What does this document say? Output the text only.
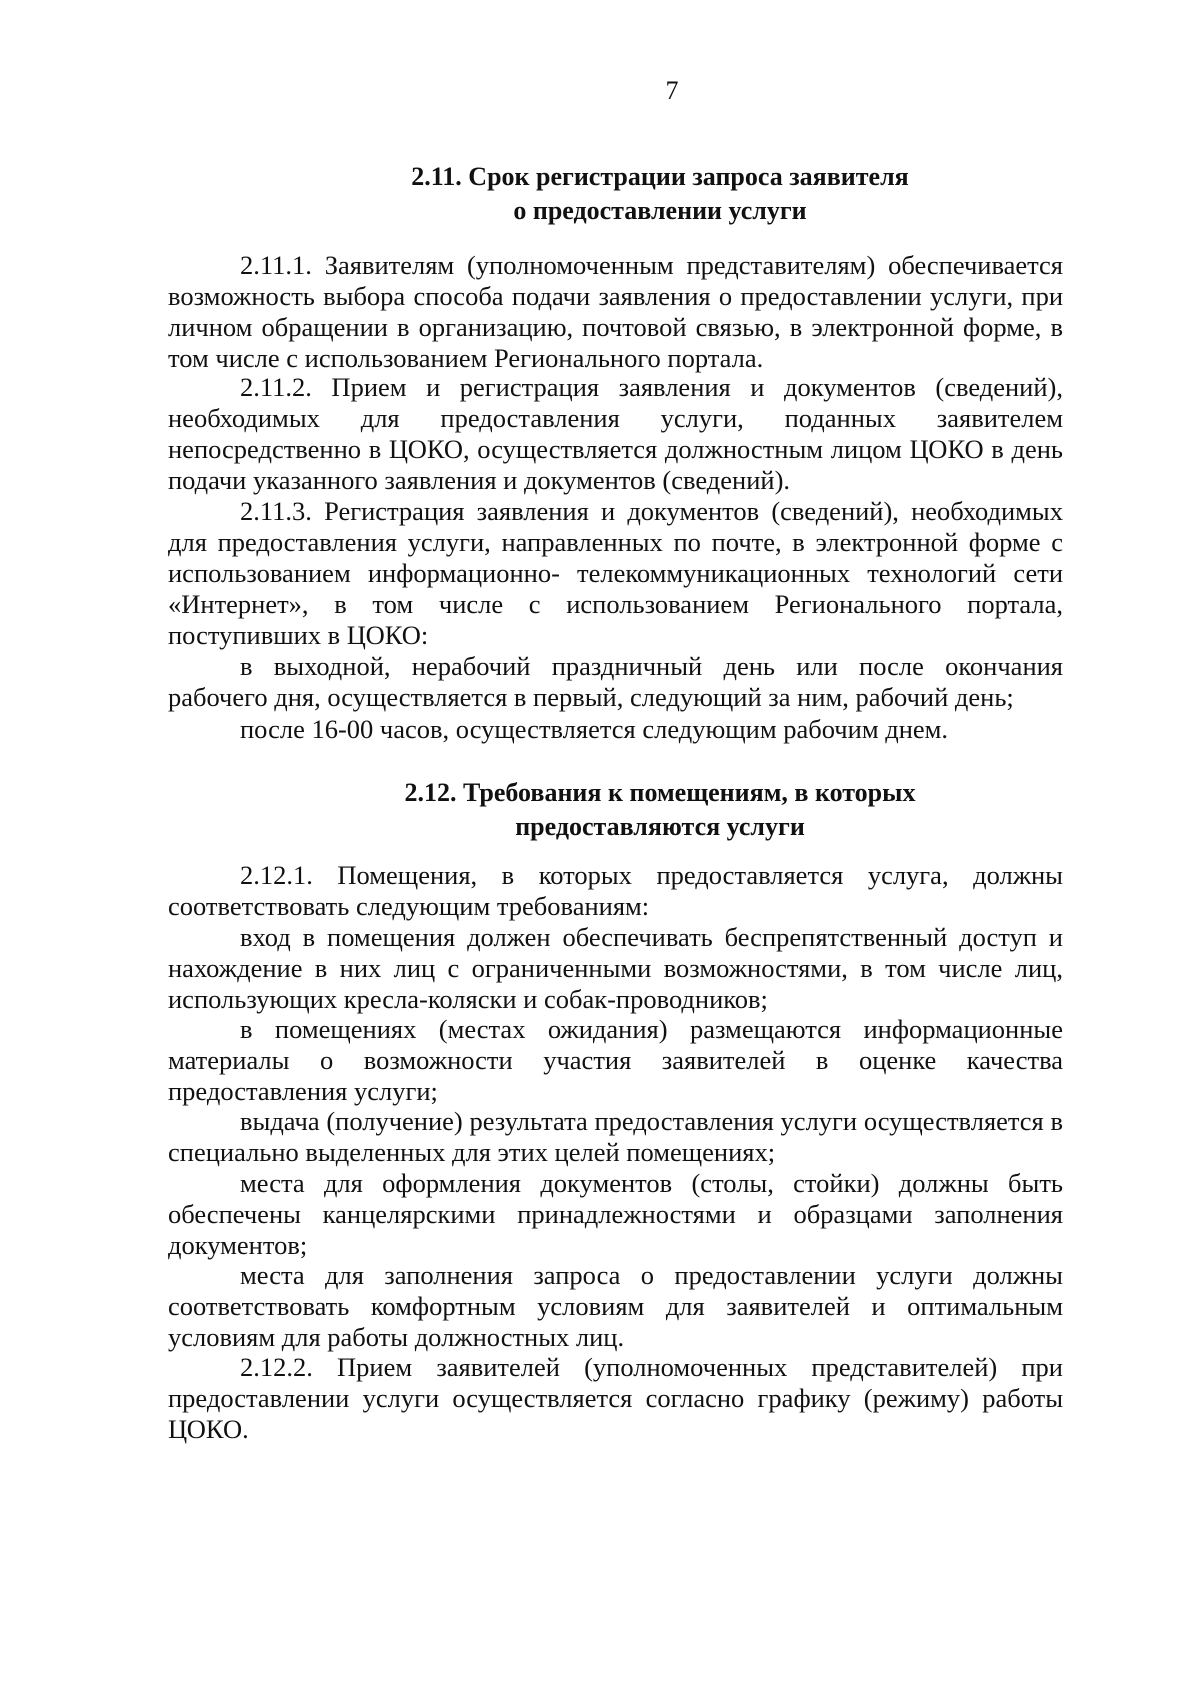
7
2.11. Срок регистрации запроса заявителя
о предоставлении услуги

2.11.1. Заявителям (уполномоченным представителям) обеспечивается возможность выбора способа подачи заявления о предоставлении услуги, при личном обращении в организацию, почтовой связью, в электронной форме, в том числе с использованием Регионального портала.

2.11.2. Прием и регистрация заявления и документов (сведений), необходимых для предоставления услуги, поданных заявителем непосредственно в ЦОКО, осуществляется должностным лицом ЦОКО в день подачи указанного заявления и документов (сведений).

2.11.3. Регистрация заявления и документов (сведений), необходимых для предоставления услуги, направленных по почте, в электронной форме с использованием информационно- телекоммуникационных технологий сети «Интернет», в том числе с использованием Регионального портала, поступивших в ЦОКО:

в выходной, нерабочий праздничный день или после окончания рабочего дня, осуществляется в первый, следующий за ним, рабочий день;

после 16-00 часов, осуществляется следующим рабочим днем.

2.12. Требования к помещениям, в которых
предоставляются услуги

2.12.1. Помещения, в которых предоставляется услуга, должны соответствовать следующим требованиям:

вход в помещения должен обеспечивать беспрепятственный доступ и нахождение в них лиц с ограниченными возможностями, в том числе лиц, использующих кресла-коляски и собак-проводников;

в помещениях (местах ожидания) размещаются информационные материалы о возможности участия заявителей в оценке качества предоставления услуги;

выдача (получение) результата предоставления услуги осуществляется в специально выделенных для этих целей помещениях;

места для оформления документов (столы, стойки) должны быть обеспечены канцелярскими принадлежностями и образцами заполнения документов;

места для заполнения запроса о предоставлении услуги должны соответствовать комфортным условиям для заявителей и оптимальным условиям для работы должностных лиц.

2.12.2. Прием заявителей (уполномоченных представителей) при предоставлении услуги осуществляется согласно графику (режиму) работы ЦОКО.
